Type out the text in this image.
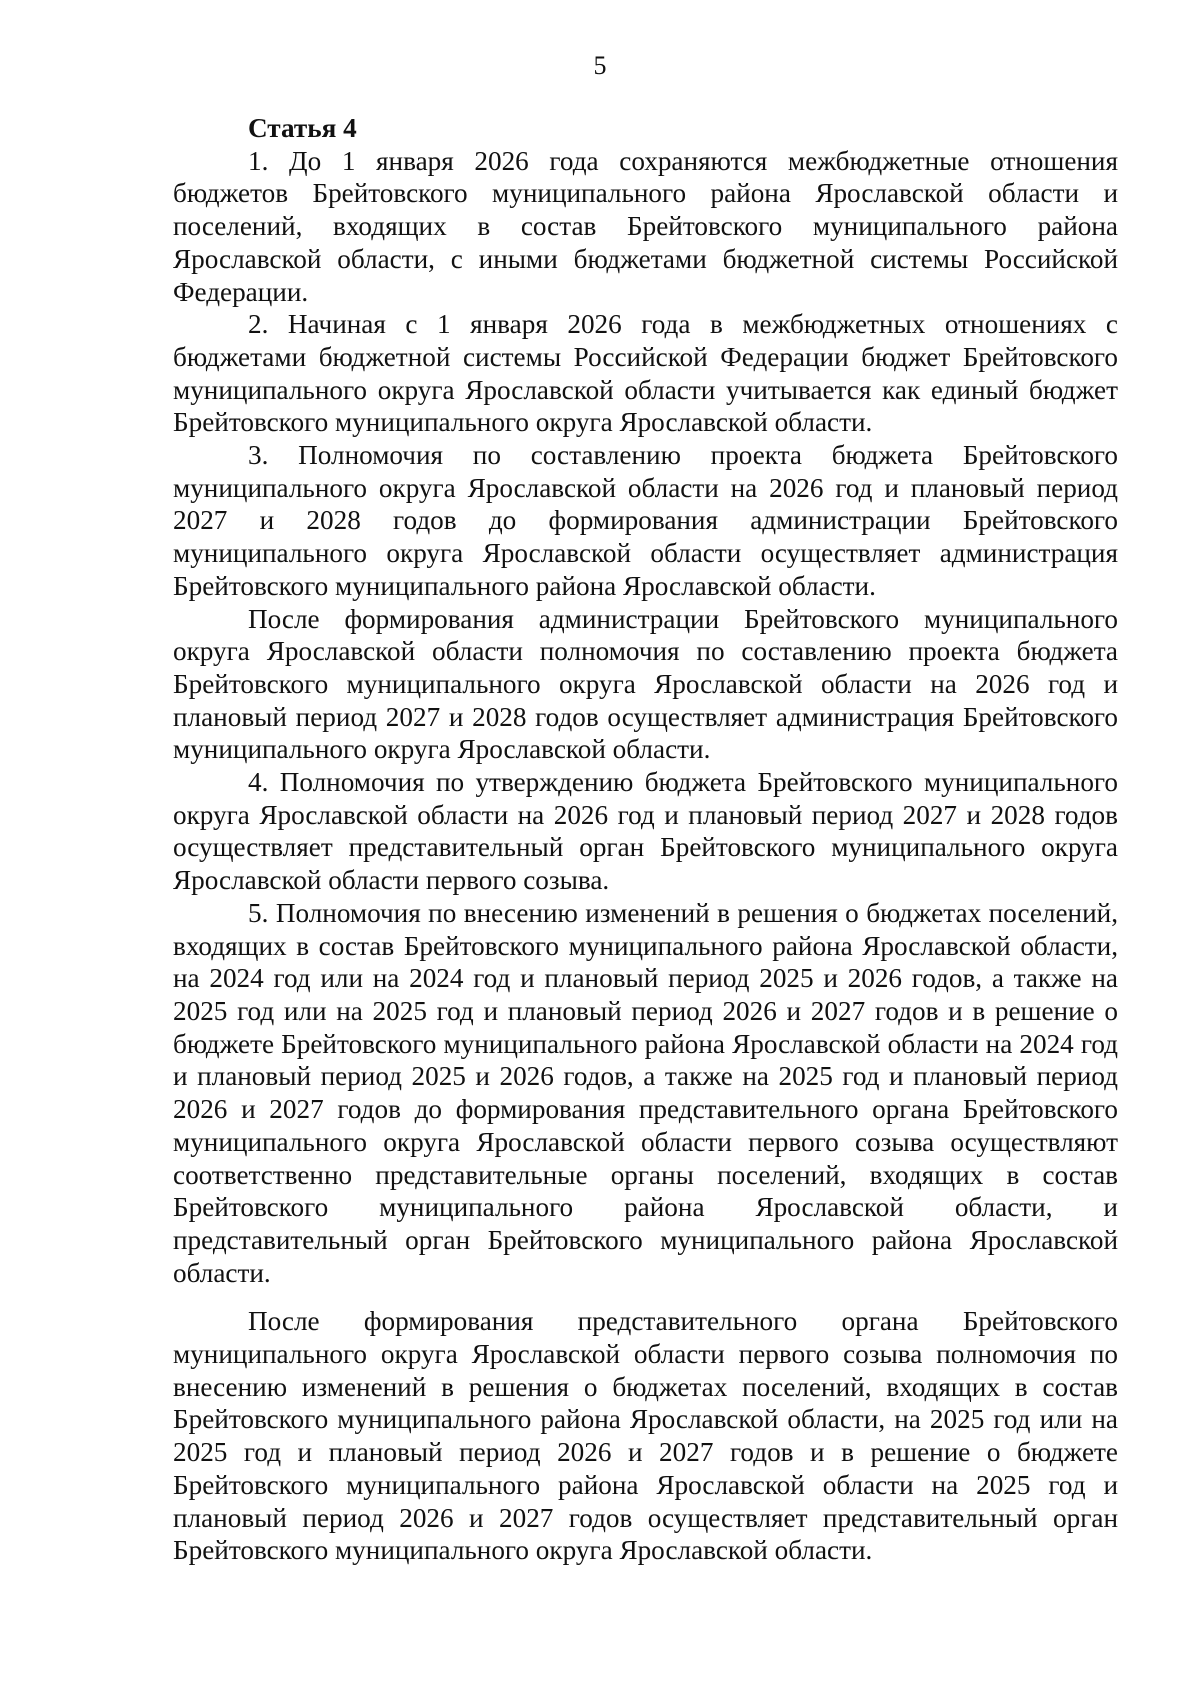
5
Статья 4

1. До 1 января 2026 года сохраняются межбюджетные отношения бюджетов Брейтовского муниципального района Ярославской области и поселений, входящих в состав Брейтовского муниципального района Ярославской области, с иными бюджетами бюджетной системы Российской Федерации.

2. Начиная с 1 января 2026 года в межбюджетных отношениях с бюджетами бюджетной системы Российской Федерации бюджет Брейтовского муниципального округа Ярославской области учитывается как единый бюджет Брейтовского муниципального округа Ярославской области.

3. Полномочия по составлению проекта бюджета Брейтовского муниципального округа Ярославской области на 2026 год и плановый период 2027 и 2028 годов до формирования администрации Брейтовского муниципального округа Ярославской области осуществляет администрация Брейтовского муниципального района Ярославской области.

После формирования администрации Брейтовского муниципального округа Ярославской области полномочия по составлению проекта бюджета Брейтовского муниципального округа Ярославской области на 2026 год и плановый период 2027 и 2028 годов осуществляет администрация Брейтовского муниципального округа Ярославской области.

4. Полномочия по утверждению бюджета Брейтовского муниципального округа Ярославской области на 2026 год и плановый период 2027 и 2028 годов осуществляет представительный орган Брейтовского муниципального округа Ярославской области первого созыва.

5. Полномочия по внесению изменений в решения о бюджетах поселений, входящих в состав Брейтовского муниципального района Ярославской области, на 2024 год или на 2024 год и плановый период 2025 и 2026 годов, а также на 2025 год или на 2025 год и плановый период 2026 и 2027 годов и в решение о бюджете Брейтовского муниципального района Ярославской области на 2024 год и плановый период 2025 и 2026 годов, а также на 2025 год и плановый период 2026 и 2027 годов до формирования представительного органа Брейтовского муниципального округа Ярославской области первого созыва осуществляют соответственно представительные органы поселений, входящих в состав Брейтовского муниципального района Ярославской области, и представительный орган Брейтовского муниципального района Ярославской области.

После формирования представительного органа Брейтовского муниципального округа Ярославской области первого созыва полномочия по внесению изменений в решения о бюджетах поселений, входящих в состав Брейтовского муниципального района Ярославской области, на 2025 год или на 2025 год и плановый период 2026 и 2027 годов и в решение о бюджете Брейтовского муниципального района Ярославской области на 2025 год и плановый период 2026 и 2027 годов осуществляет представительный орган Брейтовского муниципального округа Ярославской области.
